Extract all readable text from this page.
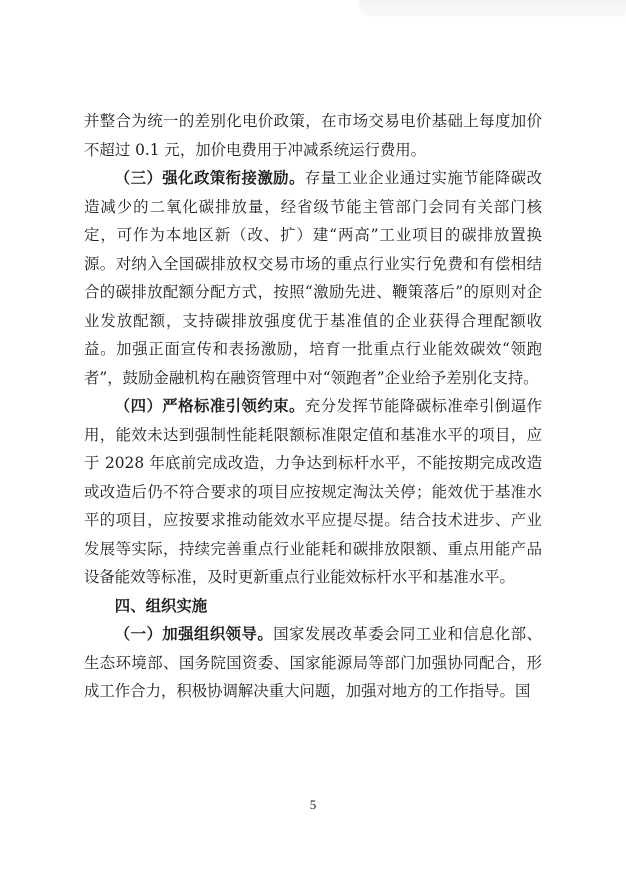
并整合为统一的差别化电价政策，在市场交易电价基础上每度加价不超过 0.1 元，加价电费用于冲减系统运行费用。

（三）强化政策衔接激励。存量工业企业通过实施节能降碳改造减少的二氧化碳排放量，经省级节能主管部门会同有关部门核定，可作为本地区新（改、扩）建“两高”工业项目的碳排放置换源。对纳入全国碳排放权交易市场的重点行业实行免费和有偿相结合的碳排放配额分配方式，按照“激励先进、鞭策落后”的原则对企业发放配额，支持碳排放强度优于基准值的企业获得合理配额收益。加强正面宣传和表扬激励，培育一批重点行业能效碳效“领跑者”，鼓励金融机构在融资管理中对“领跑者”企业给予差别化支持。

（四）严格标准引领约束。充分发挥节能降碳标准牵引倒逼作用，能效未达到强制性能耗限额标准限定值和基准水平的项目，应于 2028 年底前完成改造，力争达到标杆水平，不能按期完成改造或改造后仍不符合要求的项目应按规定淘汰关停；能效优于基准水平的项目，应按要求推动能效水平应提尽提。结合技术进步、产业发展等实际，持续完善重点行业能耗和碳排放限额、重点用能产品设备能效等标准，及时更新重点行业能效标杆水平和基准水平。

四、组织实施

（一）加强组织领导。国家发展改革委会同工业和信息化部、生态环境部、国务院国资委、国家能源局等部门加强协同配合，形成工作合力，积极协调解决重大问题，加强对地方的工作指导。国

5
